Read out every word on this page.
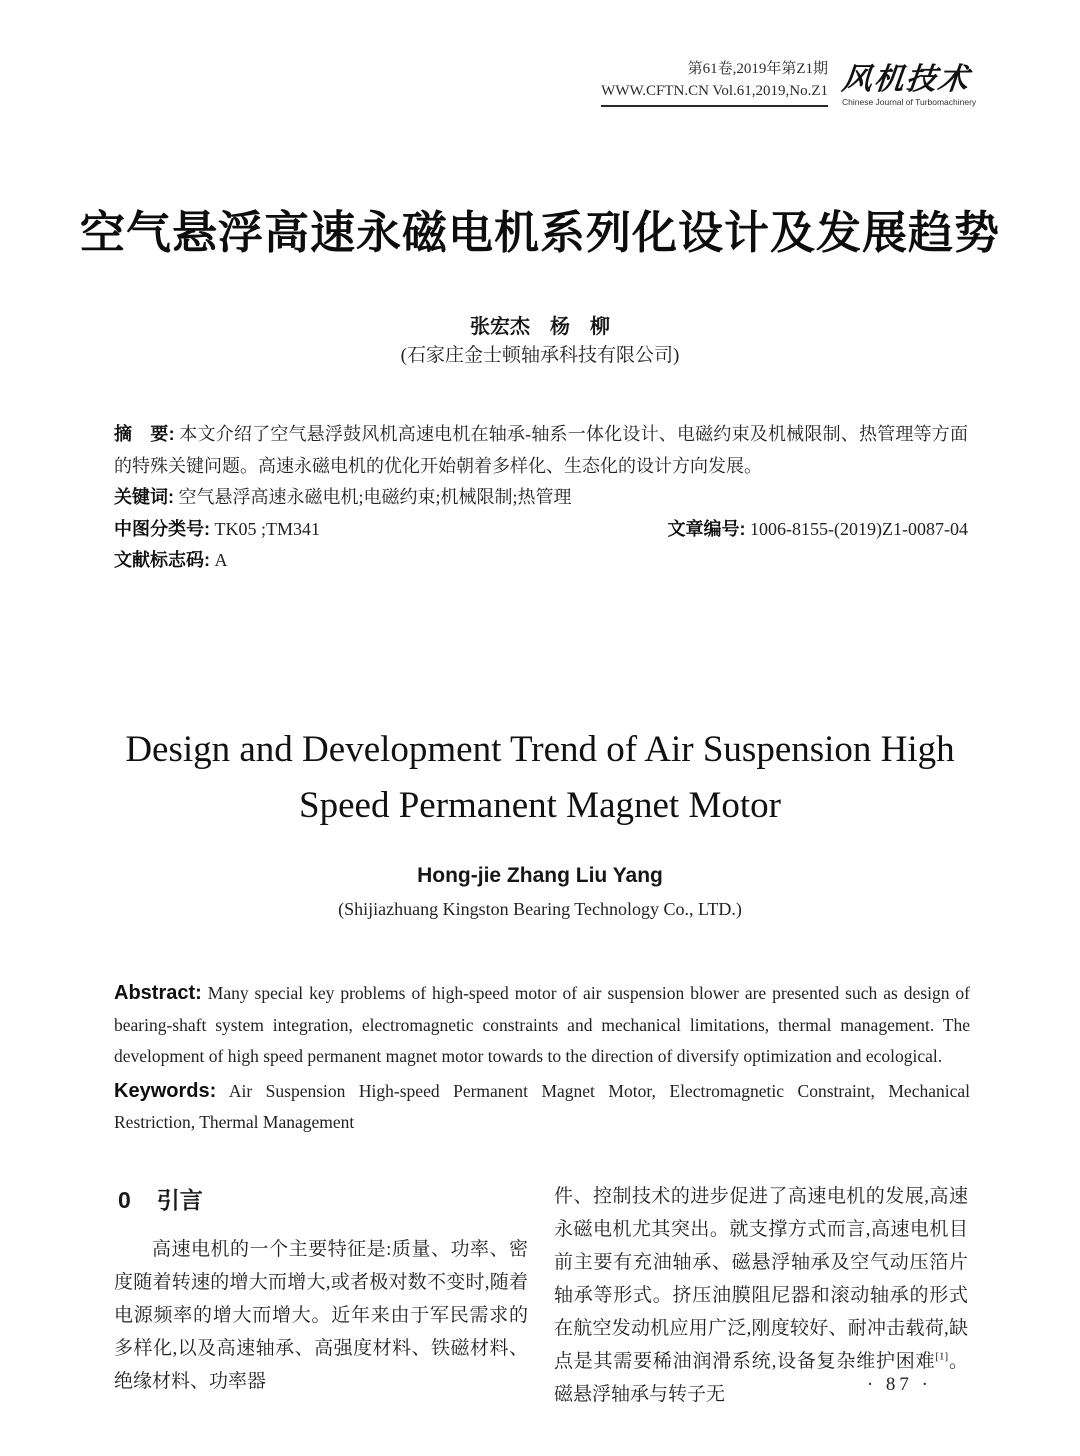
第61卷,2019年第Z1期
WWW.CFTN.CN Vol.61,2019,No.Z1 风机技术
Chinese Journal of Turbomachinery
空气悬浮高速永磁电机系列化设计及发展趋势
张宏杰　杨　柳
(石家庄金士顿轴承科技有限公司)

摘　要: 本文介绍了空气悬浮鼓风机高速电机在轴承-轴系一体化设计、电磁约束及机械限制、热管理等方面的特殊关键问题。高速永磁电机的优化开始朝着多样化、生态化的设计方向发展。

关键词: 空气悬浮高速永磁电机;电磁约束;机械限制;热管理

中图分类号: TK05 ;TM341	文章编号: 1006-8155-(2019)Z1-0087-04
文献标志码: A
Design and Development Trend of Air Suspension High
Speed Permanent Magnet Motor
Hong-jie Zhang Liu Yang
(Shijiazhuang Kingston Bearing Technology Co., LTD.)

Abstract: Many special key problems of high-speed motor of air suspension blower are presented such as design of bearing-shaft system integration, electromagnetic constraints and mechanical limitations, thermal management. The development of high speed permanent magnet motor towards to the direction of diversify optimization and ecological.

Keywords: Air Suspension High-speed Permanent Magnet Motor, Electromagnetic Constraint, Mechanical Restriction, Thermal Management

0 引言

高速电机的一个主要特征是:质量、功率、密度随着转速的增大而增大,或者极对数不变时,随着电源频率的增大而增大。近年来由于军民需求的多样化,以及高速轴承、高强度材料、铁磁材料、绝缘材料、功率器

件、控制技术的进步促进了高速电机的发展,高速永磁电机尤其突出。就支撑方式而言,高速电机目前主要有充油轴承、磁悬浮轴承及空气动压箔片轴承等形式。挤压油膜阻尼器和滚动轴承的形式在航空发动机应用广泛,刚度较好、耐冲击载荷,缺点是其需要稀油润滑系统,设备复杂维护困难[1]。磁悬浮轴承与转子无	· 87 ·
